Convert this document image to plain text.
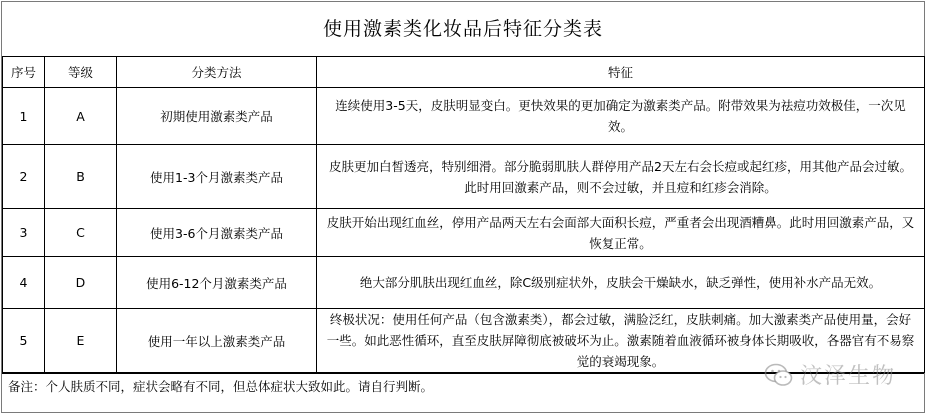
使用激素类化妆品后特征分类表
序号	等级	分类方法	特征
1	A	初期使用激素类产品	连续使用3-5天，皮肤明显变白。更快效果的更加确定为激素类产品。附带效果为祛痘功效极佳，一次见效。
2	B	使用1-3个月激素类产品	皮肤更加白皙透亮，特别细滑。部分脆弱肌肤人群停用产品2天左右会长痘或起红疹，用其他产品会过敏。此时用回激素产品，则不会过敏，并且痘和红疹会消除。
3	C	使用3-6个月激素类产品	皮肤开始出现红血丝，停用产品两天左右会面部大面积长痘，严重者会出现酒糟鼻。此时用回激素产品，又恢复正常。
4	D	使用6-12个月激素类产品	绝大部分肌肤出现红血丝，除C级别症状外，皮肤会干燥缺水，缺乏弹性，使用补水产品无效。
5	E	使用一年以上激素类产品	终极状况：使用任何产品（包含激素类），都会过敏，满脸泛红，皮肤刺痛。加大激素类产品使用量，会好一些。如此恶性循环，直至皮肤屏障彻底被破坏为止。激素随着血液循环被身体长期吸收，各器官有不易察觉的衰竭现象。
备注：个人肤质不同，症状会略有不同，但总体症状大致如此。请自行判断。	汶泽生物
